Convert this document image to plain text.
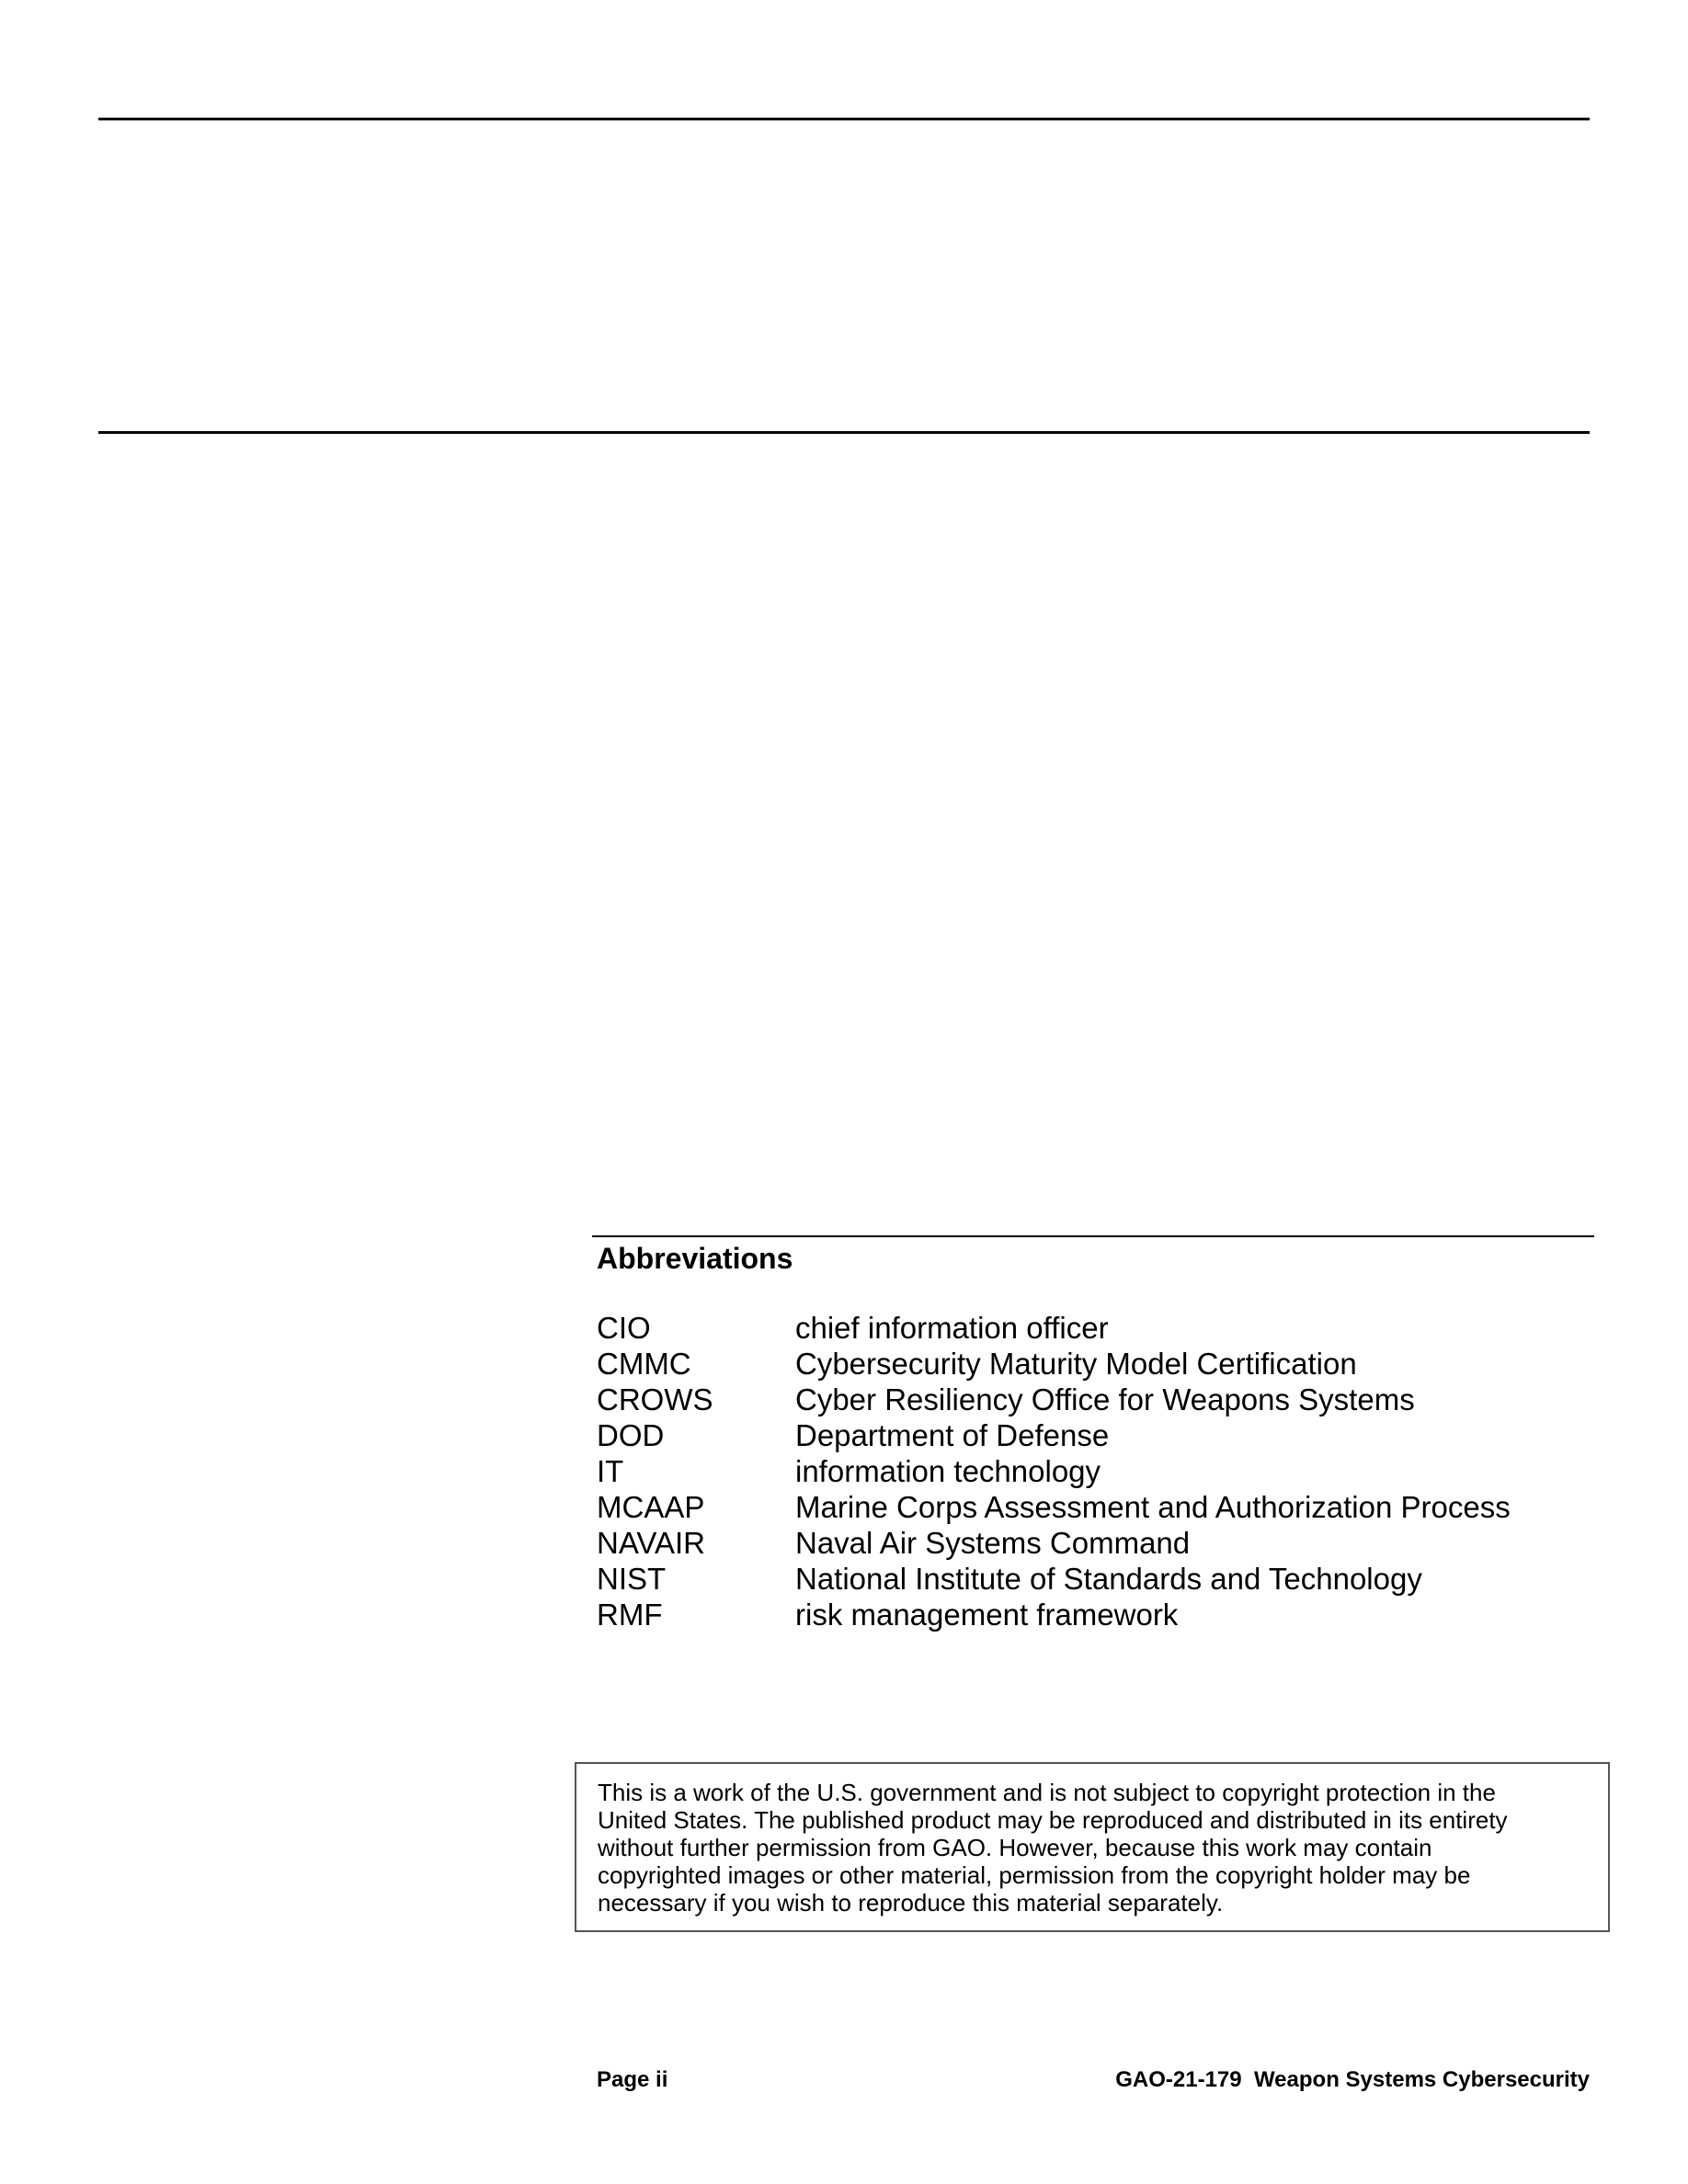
Abbreviations
CIO	chief information officer
CMMC	Cybersecurity Maturity Model Certification
CROWS	Cyber Resiliency Office for Weapons Systems
DOD	Department of Defense
IT	information technology
MCAAP	Marine Corps Assessment and Authorization Process
NAVAIR	Naval Air Systems Command
NIST	National Institute of Standards and Technology
RMF	risk management framework
This is a work of the U.S. government and is not subject to copyright protection in the
United States. The published product may be reproduced and distributed in its entirety
without further permission from GAO. However, because this work may contain
copyrighted images or other material, permission from the copyright holder may be
necessary if you wish to reproduce this material separately.
Page ii	GAO-21-179  Weapon Systems Cybersecurity
